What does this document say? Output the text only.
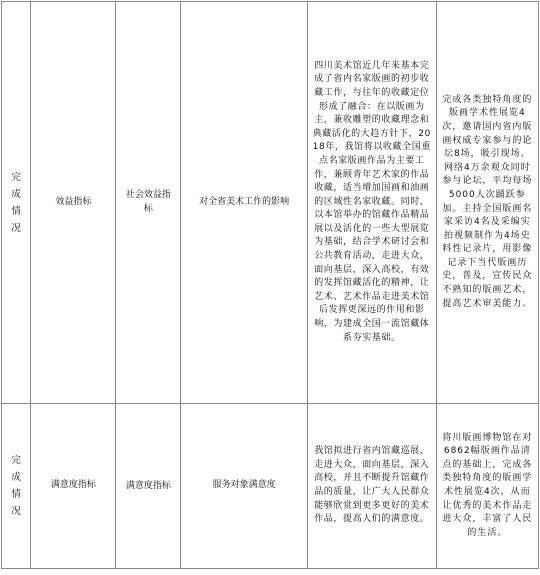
完成情况	效益指标	社会效益指标	对全省美术工作的影响	四川美术馆近几年来基本完成了省内名家版画的初步收藏工作，与往年的收藏定位形成了融合：在以版画为主，兼收雕塑的收藏理念和典藏活化的大趋方针下，2018年，我馆将以收藏全国重点名家版画作品为主要工作，兼顾青年艺术家的作品收藏，适当增加国画和油画的区域性名家收藏。同时，以本馆举办的馆藏作品精品展以及活化的一些大型展览为基础，结合学术研讨会和公共教育活动，走进大众，面向基层，深入高校，有效的发挥馆藏活化的精神，让艺术、艺术作品走进美术馆后发挥更深远的作用和影响，为建成全国一流馆藏体系夯实基础。	完成各类独特角度的版画学术性展览4次，邀请国内省内版画权威专家参与的论坛8场，吸引现场、网络4万余观众同时参与论坛，平均每场5000人次踊跃参加。主持全国版画名家采访4名及采编实拍视频制作为4场史料性记录片，用影像记录下当代版画历史，普及，宣传民众不熟知的版画艺术，提高艺术审美能力。
完成情况	满意度指标	满意度指标	服务对象满意度	我馆拟进行省内馆藏巡展，走进大众，面向基层，深入高校，并且不断提升馆藏作品的质量，让广大人民群众能够欣赏到更多更好的美术作品，提高人们的满意度。	将川版画博物馆在对6862幅版画作品清点的基础上，完成各类独特角度的版画学术性展览4次，从而让优秀的美术作品走进大众，丰富了人民的生活。
